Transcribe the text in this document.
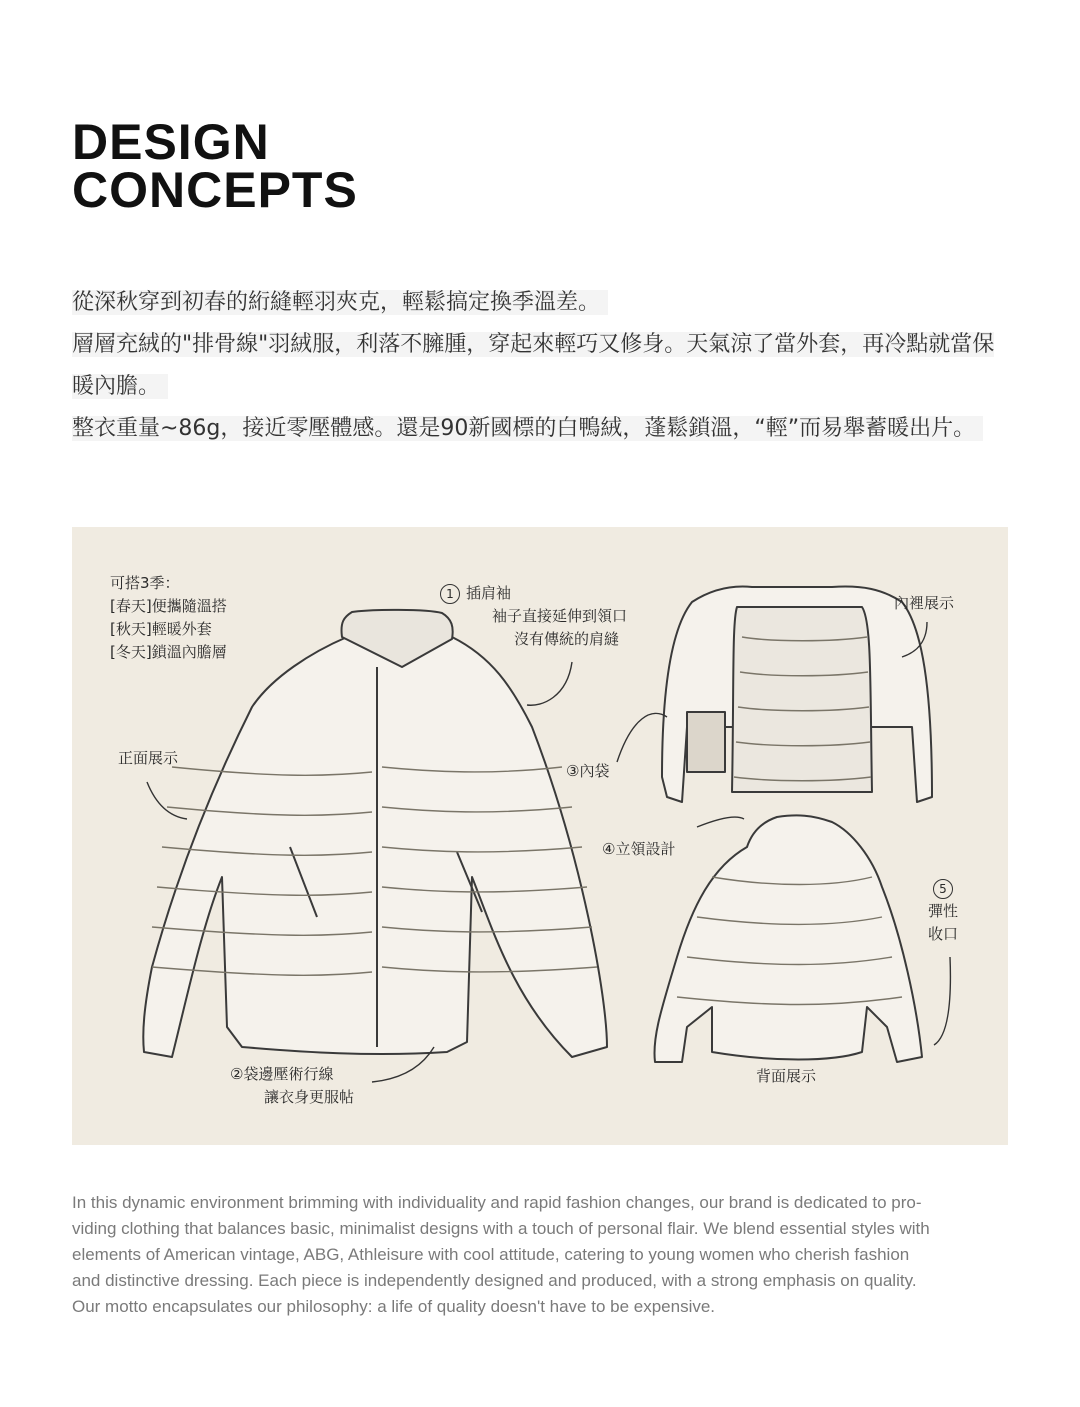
DESIGN
CONCEPTS

從深秋穿到初春的絎縫輕羽夾克，輕鬆搞定換季溫差。

層層充絨的"排骨線"羽絨服，利落不臃腫，穿起來輕巧又修身。天氣涼了當外套，再冷點就當保暖內膽。

整衣重量~86g，接近零壓體感。還是90新國標的白鴨絨，蓬鬆鎖溫，“輕”而易舉蓄暖出片。

可搭3季：
[春天]便攜隨溫搭
[秋天]輕暖外套
[冬天]鎖溫內膽層
正面展示
1 插肩袖
袖子直接延伸到領口
沒有傳統的肩縫
內裡展示
③內袋
④立領設計
5
彈性
收口
②袋邊壓術行線
讓衣身更服帖
背面展示
In this dynamic environment brimming with individuality and rapid fashion changes, our brand is dedicated to pro-
viding clothing that balances basic, minimalist designs with a touch of personal flair. We blend essential styles with
elements of American vintage, ABG, Athleisure with cool attitude, catering to young women who cherish fashion
and distinctive dressing. Each piece is independently designed and produced, with a strong emphasis on quality.
Our motto encapsulates our philosophy: a life of quality doesn't have to be expensive.
